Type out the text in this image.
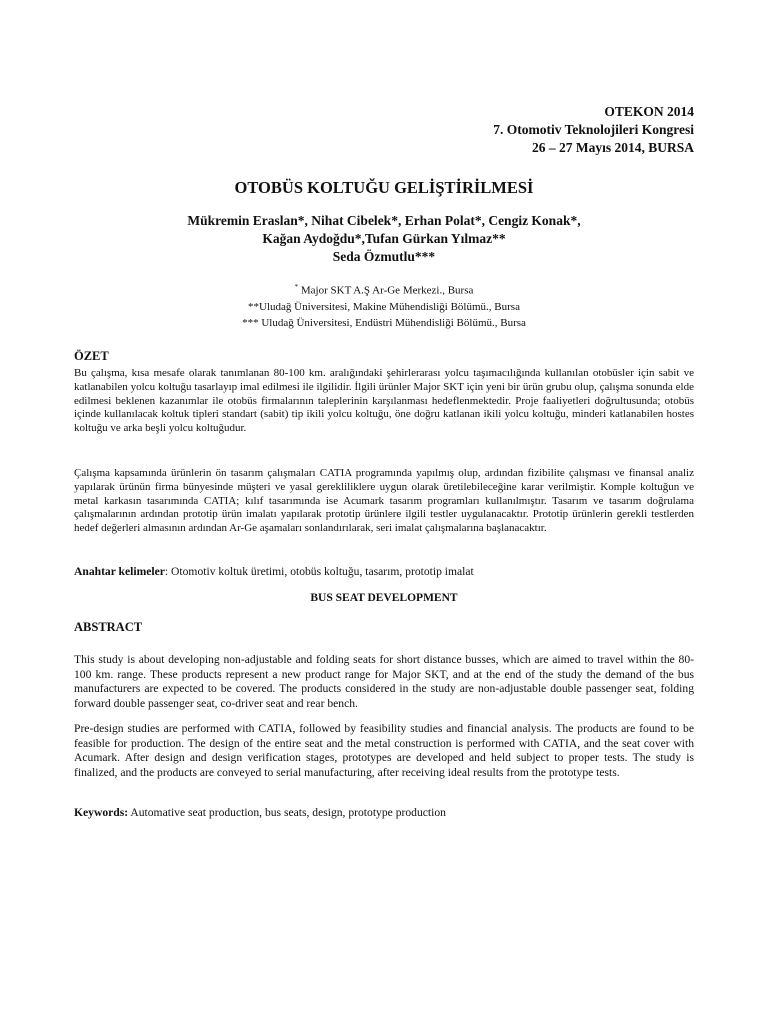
OTEKON 2014
7. Otomotiv Teknolojileri Kongresi
26 – 27 Mayıs 2014, BURSA
OTOBÜS KOLTUĞU GELİŞTİRİLMESİ
Mükremin Eraslan*, Nihat Cibelek*, Erhan Polat*, Cengiz Konak*,
Kağan Aydoğdu*,Tufan Gürkan Yılmaz**
Seda Özmutlu***
* Major SKT A.Ş Ar-Ge Merkezi., Bursa
**Uludağ Üniversitesi, Makine Mühendisliği Bölümü., Bursa
*** Uludağ Üniversitesi, Endüstri Mühendisliği Bölümü., Bursa
ÖZET
Bu çalışma, kısa mesafe olarak tanımlanan 80-100 km. aralığındaki şehirlerarası yolcu taşımacılığında kullanılan otobüsler için sabit ve katlanabilen yolcu koltuğu tasarlayıp imal edilmesi ile ilgilidir. İlgili ürünler Major SKT için yeni bir ürün grubu olup, çalışma sonunda elde edilmesi beklenen kazanımlar ile otobüs firmalarının taleplerinin karşılanması hedeflenmektedir. Proje faaliyetleri doğrultusunda; otobüs içinde kullanılacak koltuk tipleri standart (sabit) tip ikili yolcu koltuğu, öne doğru katlanan ikili yolcu koltuğu, minderi katlanabilen hostes koltuğu ve arka beşli yolcu koltuğudur.
Çalışma kapsamında ürünlerin ön tasarım çalışmaları CATIA programında yapılmış olup, ardından fizibilite çalışması ve finansal analiz yapılarak ürünün firma bünyesinde müşteri ve yasal gerekliliklere uygun olarak üretilebileceğine karar verilmiştir. Komple koltuğun ve metal karkasın tasarımında CATIA; kılıf tasarımında ise Acumark tasarım programları kullanılmıştır. Tasarım ve tasarım doğrulama çalışmalarının ardından prototip ürün imalatı yapılarak prototip ürünlere ilgili testler uygulanacaktır. Prototip ürünlerin gerekli testlerden hedef değerleri almasının ardından Ar-Ge aşamaları sonlandırılarak, seri imalat çalışmalarına başlanacaktır.
Anahtar kelimeler: Otomotiv koltuk üretimi, otobüs koltuğu, tasarım, prototip imalat
BUS SEAT DEVELOPMENT
ABSTRACT
This study is about developing non-adjustable and folding seats for short distance busses, which are aimed to travel within the 80-100 km. range. These products represent a new product range for Major SKT, and at the end of the study the demand of the bus manufacturers are expected to be covered. The products considered in the study are non-adjustable double passenger seat, folding forward double passenger seat, co-driver seat and rear bench.
Pre-design studies are performed with CATIA, followed by feasibility studies and financial analysis. The products are found to be feasible for production. The design of the entire seat and the metal construction is performed with CATIA, and the seat cover with Acumark. After design and design verification stages, prototypes are developed and held subject to proper tests. The study is finalized, and the products are conveyed to serial manufacturing, after receiving ideal results from the prototype tests.
Keywords: Automative seat production, bus seats, design, prototype production
